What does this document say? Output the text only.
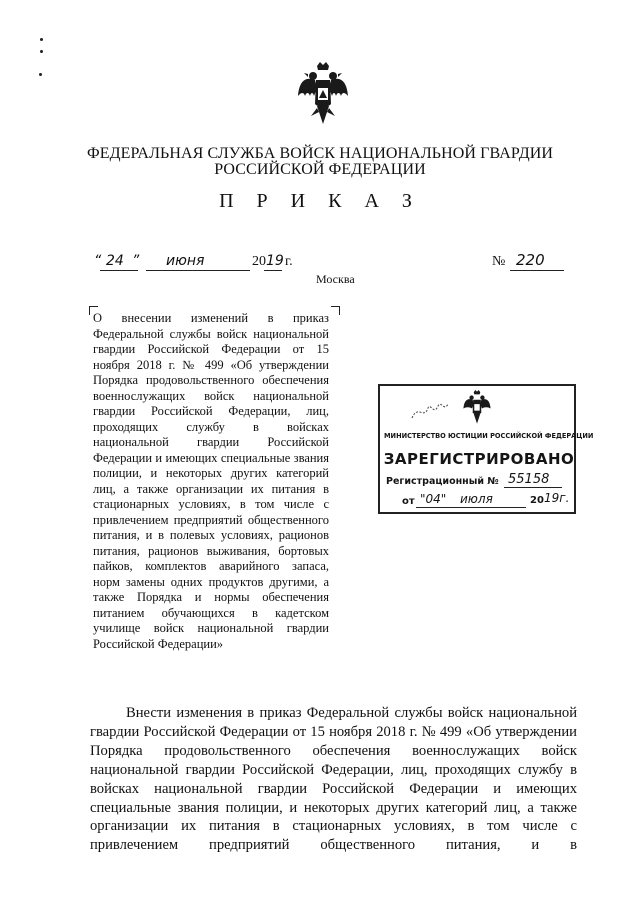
ФЕДЕРАЛЬНАЯ СЛУЖБА ВОЙСК НАЦИОНАЛЬНОЙ ГВАРДИИ
РОССИЙСКОЙ ФЕДЕРАЦИИ
П Р И К А З
“ 24 ” июня	20 19 г.
Москва
№ 220
О внесении изменений в приказ Федеральной службы войск национальной гвардии Российской Федерации от 15 ноября 2018 г. № 499 «Об утверждении Порядка продовольственного обеспечения военнослужащих войск национальной гвардии Российской Федерации, лиц, проходящих службу в войсках национальной гвардии Российской Федерации и имеющих специальные звания полиции, и некоторых других категорий лиц, а также организации их питания в стационарных условиях, в том числе с привлечением предприятий общественного питания, и в полевых условиях, рационов питания, рационов выживания, бортовых пайков, комплектов аварийного запаса, норм замены одних продуктов другими, а также Порядка и нормы обеспечения питанием обучающихся в кадетском училище войск национальной гвардии Российской Федерации»
МИНИСТЕРСТВО ЮСТИЦИИ РОССИЙСКОЙ ФЕДЕРАЦИИ
ЗАРЕГИСТРИРОВАНО
Регистрационный № 55158
от "04" июля	20 19г.
Внести изменения в приказ Федеральной службы войск национальной гвардии Российской Федерации от 15 ноября 2018 г. № 499 «Об утверждении Порядка продовольственного обеспечения военнослужащих войск национальной гвардии Российской Федерации, лиц, проходящих службу в войсках национальной гвардии Российской Федерации и имеющих специальные звания полиции, и некоторых других категорий лиц, а также организации их питания в стационарных условиях, в том числе с привлечением предприятий общественного питания, и в
